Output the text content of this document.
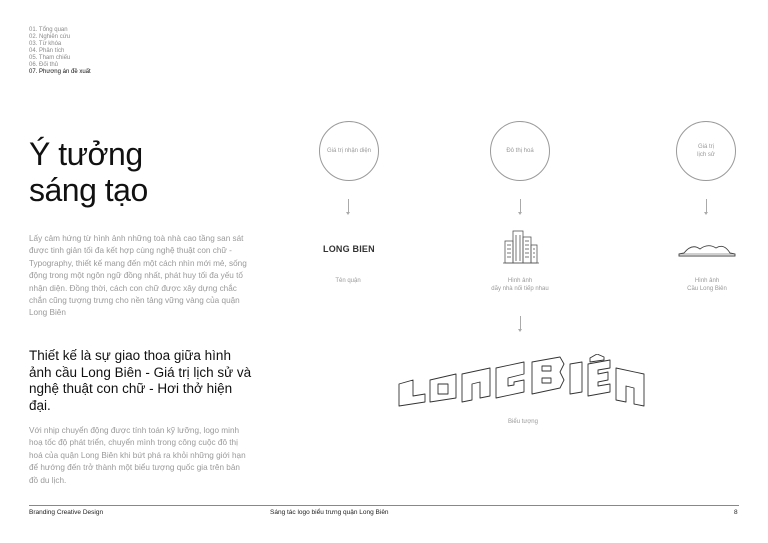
01. Tổng quan
02. Nghiên cứu
03. Từ khóa
04. Phân tích
05. Tham chiếu
06. Đối thủ
07. Phương án đề xuất
Ý tưởng
sáng tạo
Lấy cảm hứng từ hình ảnh những toà nhà cao tầng san sát được tinh giản tối đa kết hợp cùng nghệ thuật con chữ - Typography, thiết kế mang đến một cách nhìn mới mẻ, sống động trong một ngôn ngữ đồng nhất, phát huy tối đa yếu tố nhận diện. Đồng thời, cách con chữ được xây dựng chắc chắn cũng tượng trưng cho nền tảng vững vàng của quận Long Biên
Thiết kế là sự giao thoa giữa hình ảnh cầu Long Biên - Giá trị lịch sử và nghệ thuật con chữ - Hơi thở hiện đại.
Với nhịp chuyển động được tính toán kỹ lưỡng, logo minh hoạ tốc độ phát triển, chuyển mình trong công cuộc đô thị hoá của quận Long Biên khi bứt phá ra khỏi những giới hạn để hướng đến trở thành một biểu tượng quốc gia trên bản đồ du lịch.
Giá trị nhận diện	Đô thị hoá
Giá trị
lịch sử
LONG BIEN
Tên quận	Hình ảnh
dãy nhà nối tiếp nhau
Hình ảnh
Cầu Long Biên
Biểu tượng
Branding Creative Design	Sáng tác logo biểu trưng quận Long Biên	8
